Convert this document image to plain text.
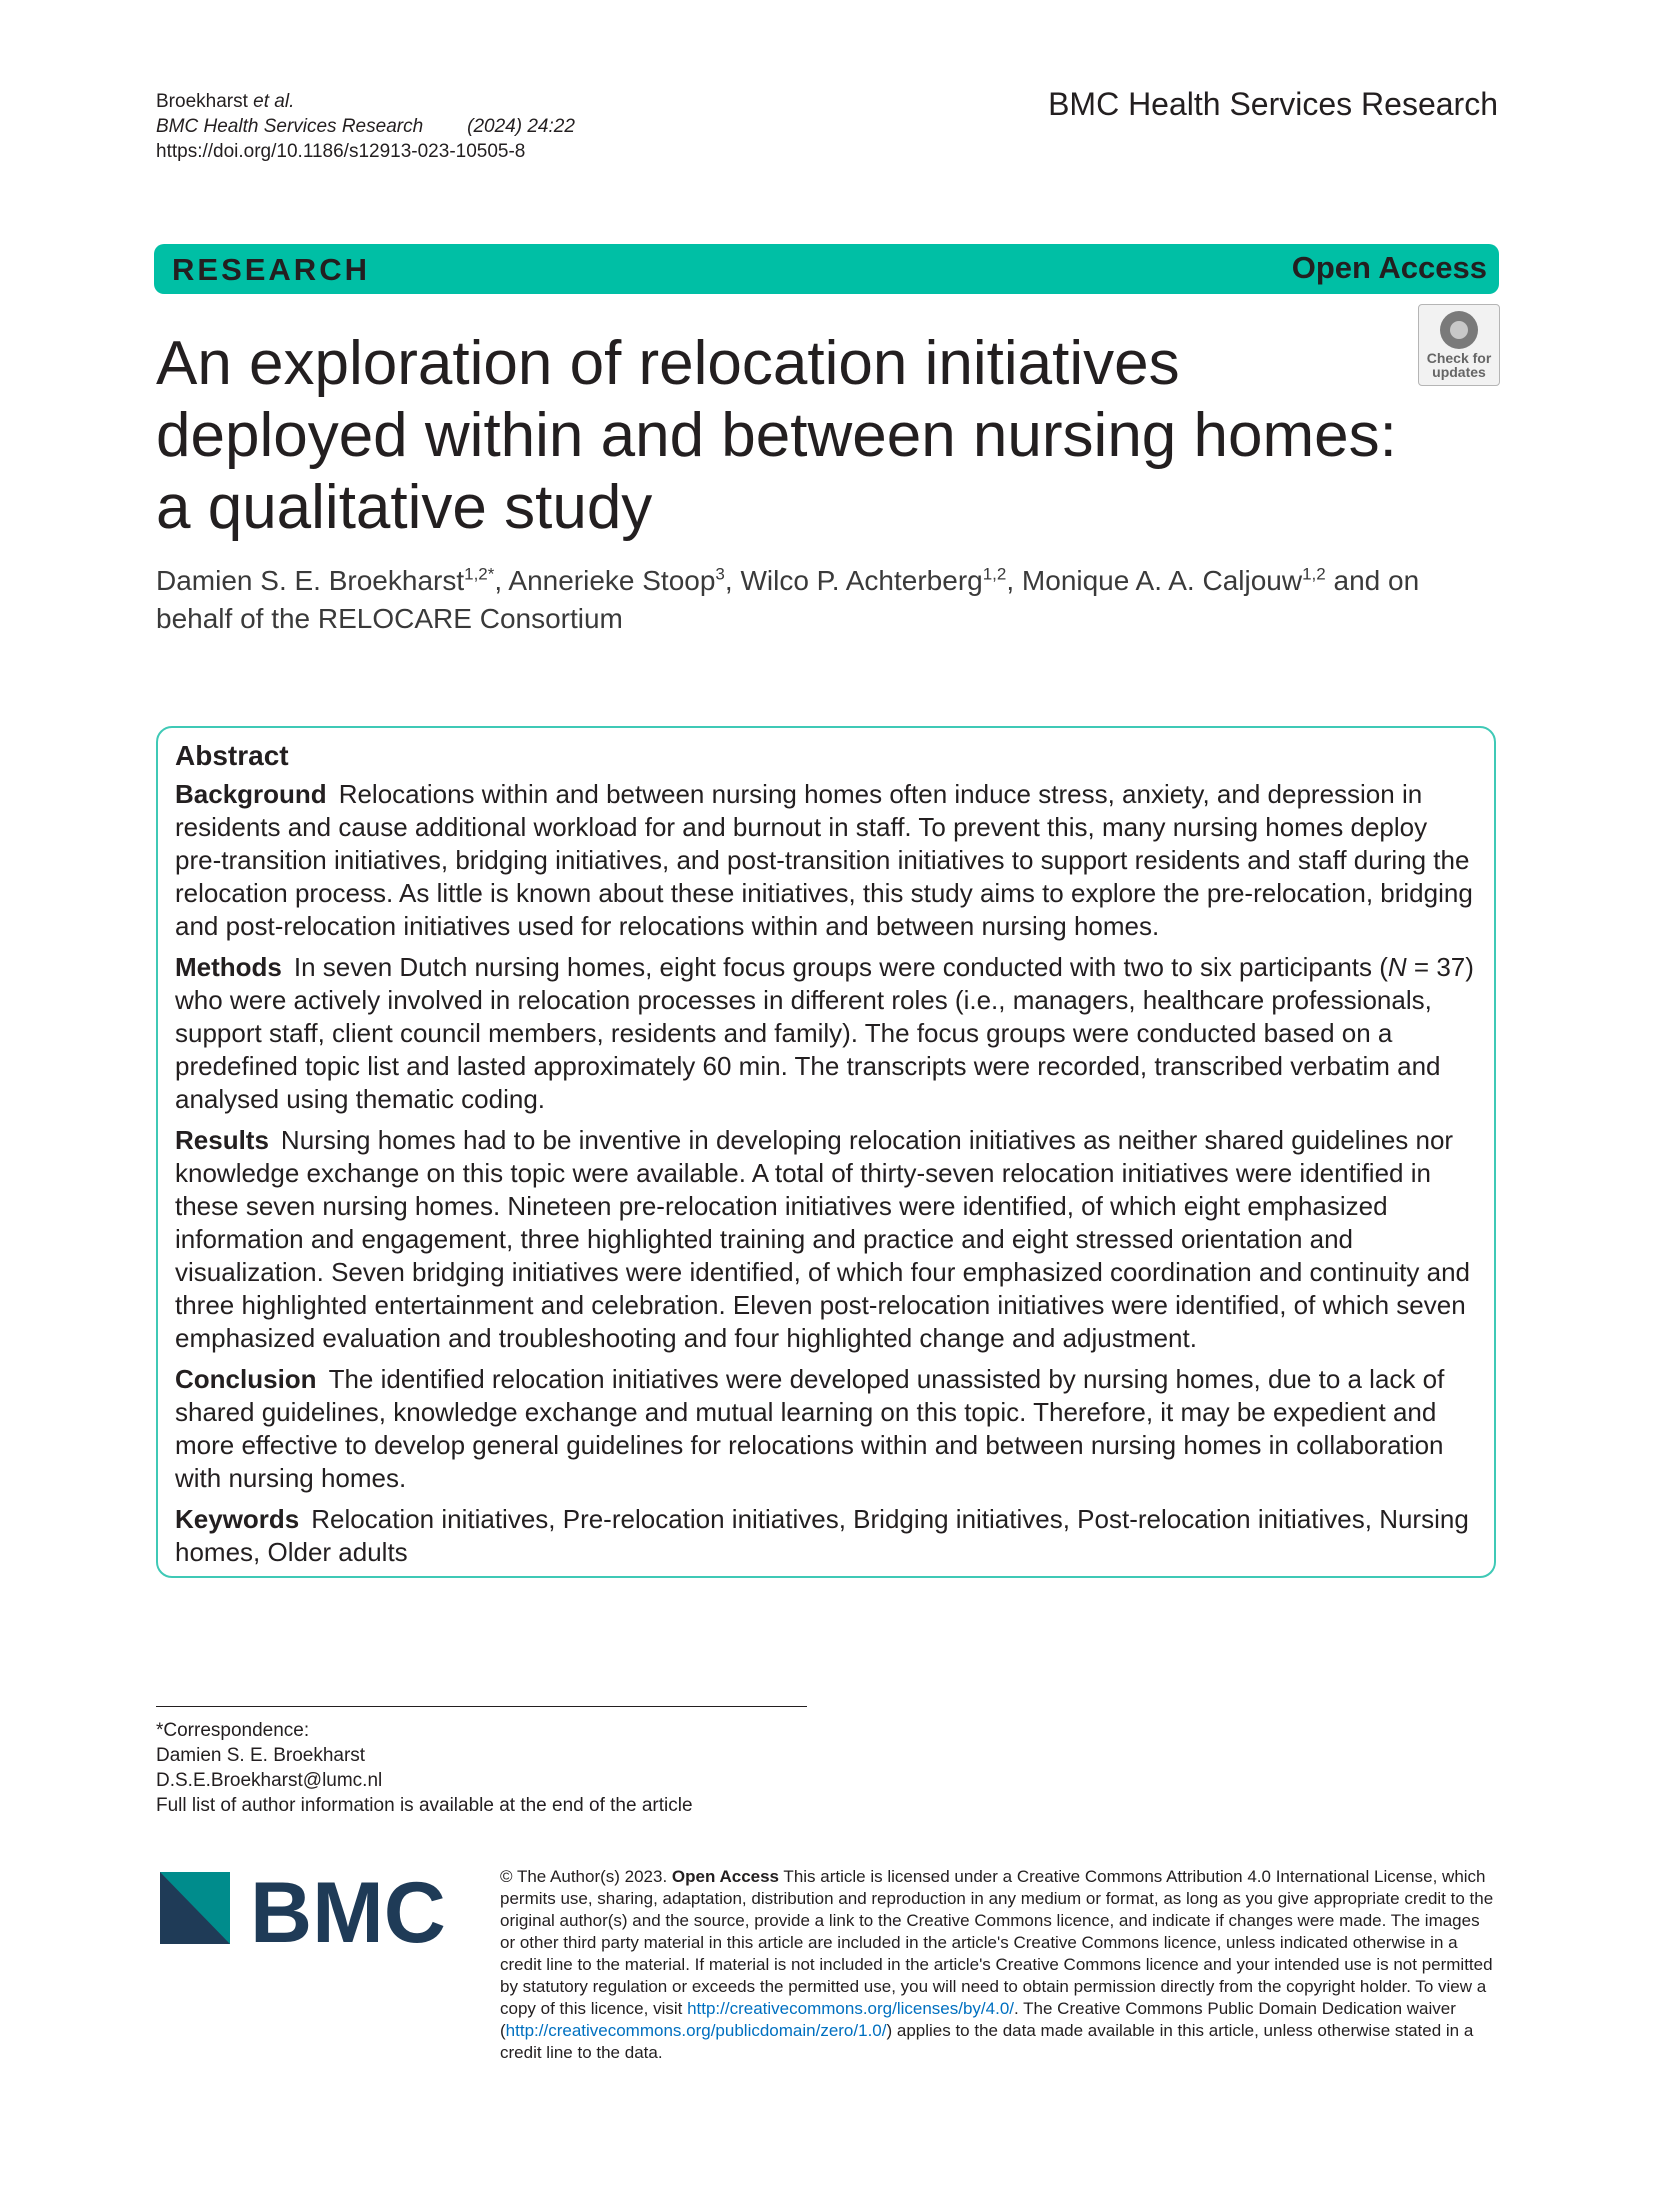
Broekharst et al.
BMC Health Services Research (2024) 24:22
https://doi.org/10.1186/s12913-023-10505-8
BMC Health Services Research
RESEARCH	Open Access
Check for
updates
An exploration of relocation initiatives
deployed within and between nursing homes:
a qualitative study
Damien S. E. Broekharst$^{1,2*}$, Annerieke Stoop$^3$, Wilco P. Achterberg$^{1,2}$, Monique A. A. Caljouw$^{1,2}$ and on behalf of the RELOCARE Consortium
Abstract
Background Relocations within and between nursing homes often induce stress, anxiety, and depression in residents and cause additional workload for and burnout in staff. To prevent this, many nursing homes deploy pre-transition initiatives, bridging initiatives, and post-transition initiatives to support residents and staff during the relocation process. As little is known about these initiatives, this study aims to explore the pre-relocation, bridging and post-relocation initiatives used for relocations within and between nursing homes.
Methods In seven Dutch nursing homes, eight focus groups were conducted with two to six participants (N = 37) who were actively involved in relocation processes in different roles (i.e., managers, healthcare professionals, support staff, client council members, residents and family). The focus groups were conducted based on a predefined topic list and lasted approximately 60 min. The transcripts were recorded, transcribed verbatim and analysed using thematic coding.
Results Nursing homes had to be inventive in developing relocation initiatives as neither shared guidelines nor knowledge exchange on this topic were available. A total of thirty-seven relocation initiatives were identified in these seven nursing homes. Nineteen pre-relocation initiatives were identified, of which eight emphasized information and engagement, three highlighted training and practice and eight stressed orientation and visualization. Seven bridging initiatives were identified, of which four emphasized coordination and continuity and three highlighted entertainment and celebration. Eleven post-relocation initiatives were identified, of which seven emphasized evaluation and troubleshooting and four highlighted change and adjustment.
Conclusion The identified relocation initiatives were developed unassisted by nursing homes, due to a lack of shared guidelines, knowledge exchange and mutual learning on this topic. Therefore, it may be expedient and more effective to develop general guidelines for relocations within and between nursing homes in collaboration with nursing homes.
Keywords Relocation initiatives, Pre-relocation initiatives, Bridging initiatives, Post-relocation initiatives, Nursing homes, Older adults
*Correspondence:
Damien S. E. Broekharst
D.S.E.Broekharst@lumc.nl
Full list of author information is available at the end of the article
BMC	© The Author(s) 2023. Open Access This article is licensed under a Creative Commons Attribution 4.0 International License, which permits use, sharing, adaptation, distribution and reproduction in any medium or format, as long as you give appropriate credit to the original author(s) and the source, provide a link to the Creative Commons licence, and indicate if changes were made. The images or other third party material in this article are included in the article's Creative Commons licence, unless indicated otherwise in a credit line to the material. If material is not included in the article's Creative Commons licence and your intended use is not permitted by statutory regulation or exceeds the permitted use, you will need to obtain permission directly from the copyright holder. To view a copy of this licence, visit http://creativecommons.org/licenses/by/4.0/. The Creative Commons Public Domain Dedication waiver (http://creativecommons.org/publicdomain/zero/1.0/) applies to the data made available in this article, unless otherwise stated in a credit line to the data.
